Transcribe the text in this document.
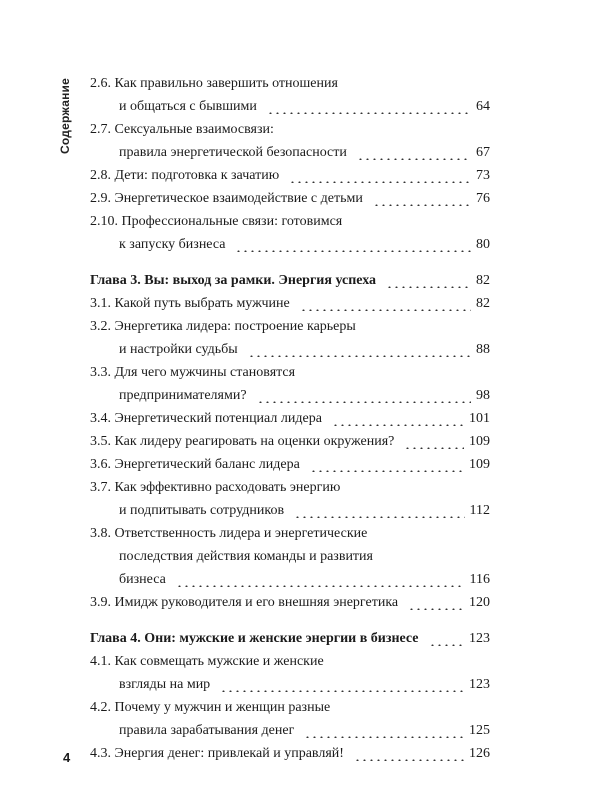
Содержание 2.6. Как правильно завершить отношения
и общаться с бывшими	64
2.7. Сексуальные взаимосвязи:
правила энергетической безопасности	67
2.8. Дети: подготовка к зачатию	73
2.9. Энергетическое взаимодействие с детьми	76
2.10. Профессиональные связи: готовимся
к запуску бизнеса	80
Глава 3. Вы: выход за рамки. Энергия успеха	82
3.1. Какой путь выбрать мужчине	82
3.2. Энергетика лидера: построение карьеры
и настройки судьбы	88
3.3. Для чего мужчины становятся
предпринимателями?	98
3.4. Энергетический потенциал лидера	101
3.5. Как лидеру реагировать на оценки окружения?	109
3.6. Энергетический баланс лидера	109
3.7. Как эффективно расходовать энергию
и подпитывать сотрудников	112
3.8. Ответственность лидера и энергетические
последствия действия команды и развития
бизнеса	116
3.9. Имидж руководителя и его внешняя энергетика	120
Глава 4. Они: мужские и женские энергии в бизнесе	123
4.1. Как совмещать мужские и женские
взгляды на мир	123
4.2. Почему у мужчин и женщин разные
правила зарабатывания денег	125
4.3. Энергия денег: привлекай и управляй!	126
4
